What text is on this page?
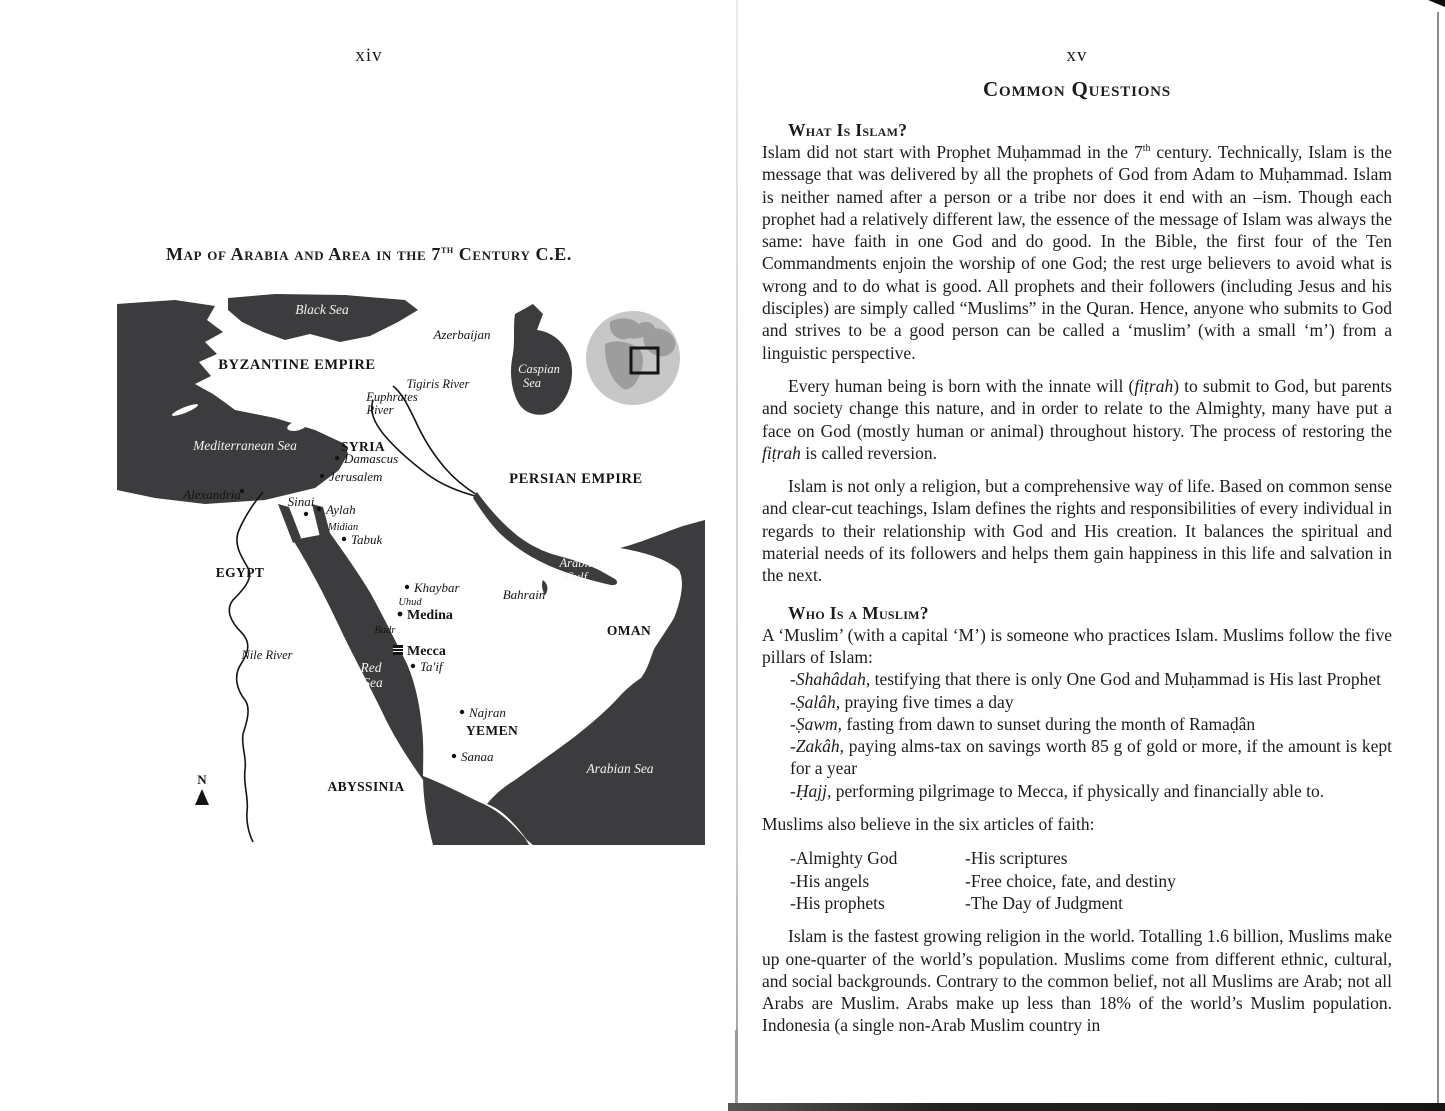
xiv
Map of Arabia and Area in the 7th Century C.E.
Black Sea
Caspian
Sea
Mediterranean Sea
Red
Sea
Arabian
Gulf
Arabian Sea
BYZANTINE EMPIRE
PERSIAN EMPIRE
Azerbaijan
SYRIA
EGYPT
Midian
Bahrain
OMAN
YEMEN
ABYSSINIA
Tigiris River
Euphrates
River
Nile River
Damascus
Jerusalem
Alexandria	Sinai
Aylah
Tabuk
Khaybar
Uhud
Medina
Badr
Mecca
Ta'if
Najran
Sanaa
N
xv
Common Questions
What Is Islam?

Islam did not start with Prophet Muḥammad in the 7th century. Technically, Islam is the message that was delivered by all the prophets of God from Adam to Muḥammad. Islam is neither named after a person or a tribe nor does it end with an –ism. Though each prophet had a relatively different law, the essence of the message of Islam was always the same: have faith in one God and do good. In the Bible, the first four of the Ten Commandments enjoin the worship of one God; the rest urge believers to avoid what is wrong and to do what is good. All prophets and their followers (including Jesus and his disciples) are simply called “Muslims” in the Quran. Hence, anyone who submits to God and strives to be a good person can be called a ‘muslim’ (with a small ‘m’) from a linguistic perspective.

Every human being is born with the innate will (fiṭrah) to submit to God, but parents and society change this nature, and in order to relate to the Almighty, many have put a face on God (mostly human or animal) throughout history. The process of restoring the fiṭrah is called reversion.

Islam is not only a religion, but a comprehensive way of life. Based on common sense and clear-cut teachings, Islam defines the rights and responsibilities of every individual in regards to their relationship with God and His creation. It balances the spiritual and material needs of its followers and helps them gain happiness in this life and salvation in the next.

Who Is a Muslim?

A ‘Muslim’ (with a capital ‘M’) is someone who practices Islam. Muslims follow the five pillars of Islam:

-Shahâdah, testifying that there is only One God and Muḥammad is His last Prophet
-Ṣalâh, praying five times a day
-Ṣawm, fasting from dawn to sunset during the month of Ramaḍân
-Zakâh, paying alms-tax on savings worth 85 g of gold or more, if the amount is kept for a year
-Ḥajj, performing pilgrimage to Mecca, if physically and financially able to.

Muslims also believe in the six articles of faith:

-Almighty God	-His scriptures
-His angels	-Free choice, fate, and destiny
-His prophets	-The Day of Judgment

Islam is the fastest growing religion in the world. Totalling 1.6 billion, Muslims make up one-quarter of the world’s population. Muslims come from different ethnic, cultural, and social backgrounds. Contrary to the common belief, not all Muslims are Arab; not all Arabs are Muslim. Arabs make up less than 18% of the world’s Muslim population. Indonesia (a single non-Arab Muslim country in
